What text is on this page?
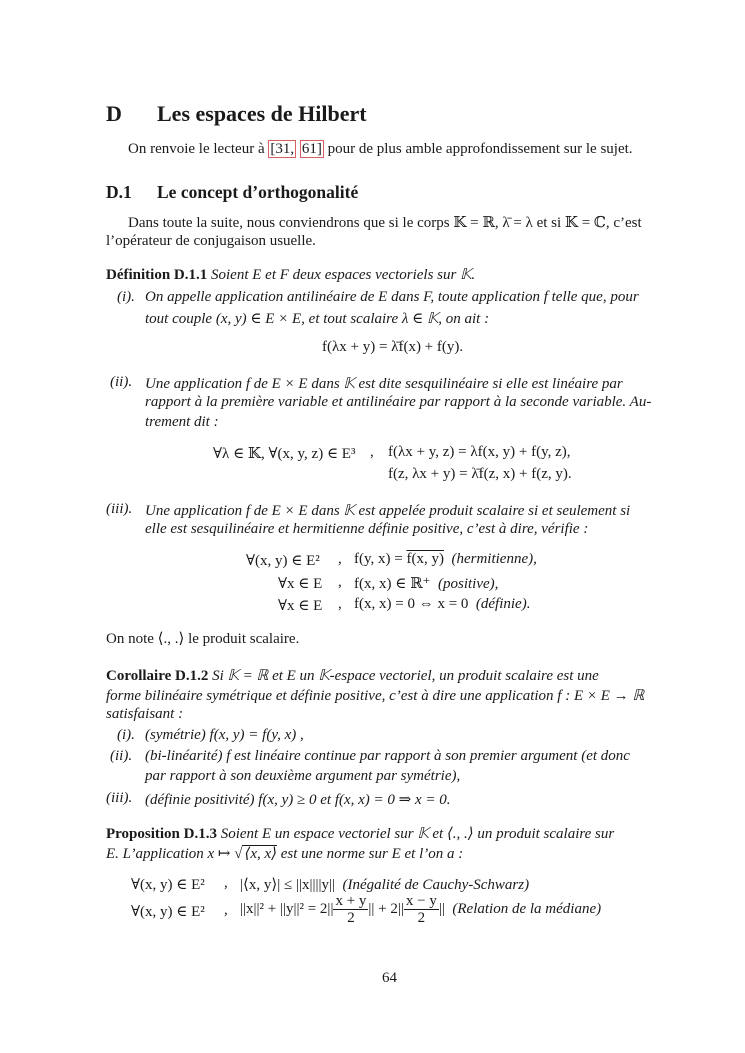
D Les espaces de Hilbert
On renvoie le lecteur à [31, 61] pour de plus amble approfondissement sur le sujet.
D.1 Le concept d’orthogonalité
Dans toute la suite, nous conviendrons que si le corps 𝕂 = ℝ, λ̄ = λ et si 𝕂 = ℂ, c’est
l’opérateur de conjugaison usuelle.
Définition D.1.1 Soient E et F deux espaces vectoriels sur 𝕂.
(i). On appelle application antilinéaire de E dans F, toute application f telle que, pour
tout couple (x, y) ∈ E × E, et tout scalaire λ ∈ 𝕂, on ait :
f(λx + y) = λ̄f(x) + f(y).
(ii). Une application f de E × E dans 𝕂 est dite sesquilinéaire si elle est linéaire par
rapport à la première variable et antilinéaire par rapport à la seconde variable. Au-
trement dit :
∀λ ∈ 𝕂, ∀(x, y, z) ∈ E³ , f(λx + y, z) = λf(x, y) + f(y, z),
f(z, λx + y) = λ̄f(z, x) + f(z, y).
(iii). Une application f de E × E dans 𝕂 est appelée produit scalaire si et seulement si
elle est sesquilinéaire et hermitienne définie positive, c’est à dire, vérifie :
∀(x, y) ∈ E² , f(y, x) = f(x, y) (hermitienne),
∀x ∈ E , f(x, x) ∈ ℝ⁺ (positive),
∀x ∈ E , f(x, x) = 0 ⇔ x = 0 (définie).
On note ⟨., .⟩ le produit scalaire.
Corollaire D.1.2 Si 𝕂 = ℝ et E un 𝕂-espace vectoriel, un produit scalaire est une
forme bilinéaire symétrique et définie positive, c’est à dire une application f : E × E → ℝ
satisfaisant :
(i). (symétrie) f(x, y) = f(y, x) ,
(ii). (bi-linéarité) f est linéaire continue par rapport à son premier argument (et donc
par rapport à son deuxième argument par symétrie),
(iii). (définie positivité) f(x, y) ≥ 0 et f(x, x) = 0 ⇒ x = 0.
Proposition D.1.3 Soient E un espace vectoriel sur 𝕂 et ⟨., .⟩ un produit scalaire sur
E. L’application x ↦ √ ⟨x, x⟩ est une norme sur E et l’on a :
∀(x, y) ∈ E² , |⟨x, y⟩| ≤ ||x||||y|| (Inégalité de Cauchy-Schwarz)
∀(x, y) ∈ E² , $||x||^2 + ||y||^2 = 2|| \frac{x + y}{2}$ || + $2|| \frac{x - y}{2}$ || (Relation de la médiane)
64
